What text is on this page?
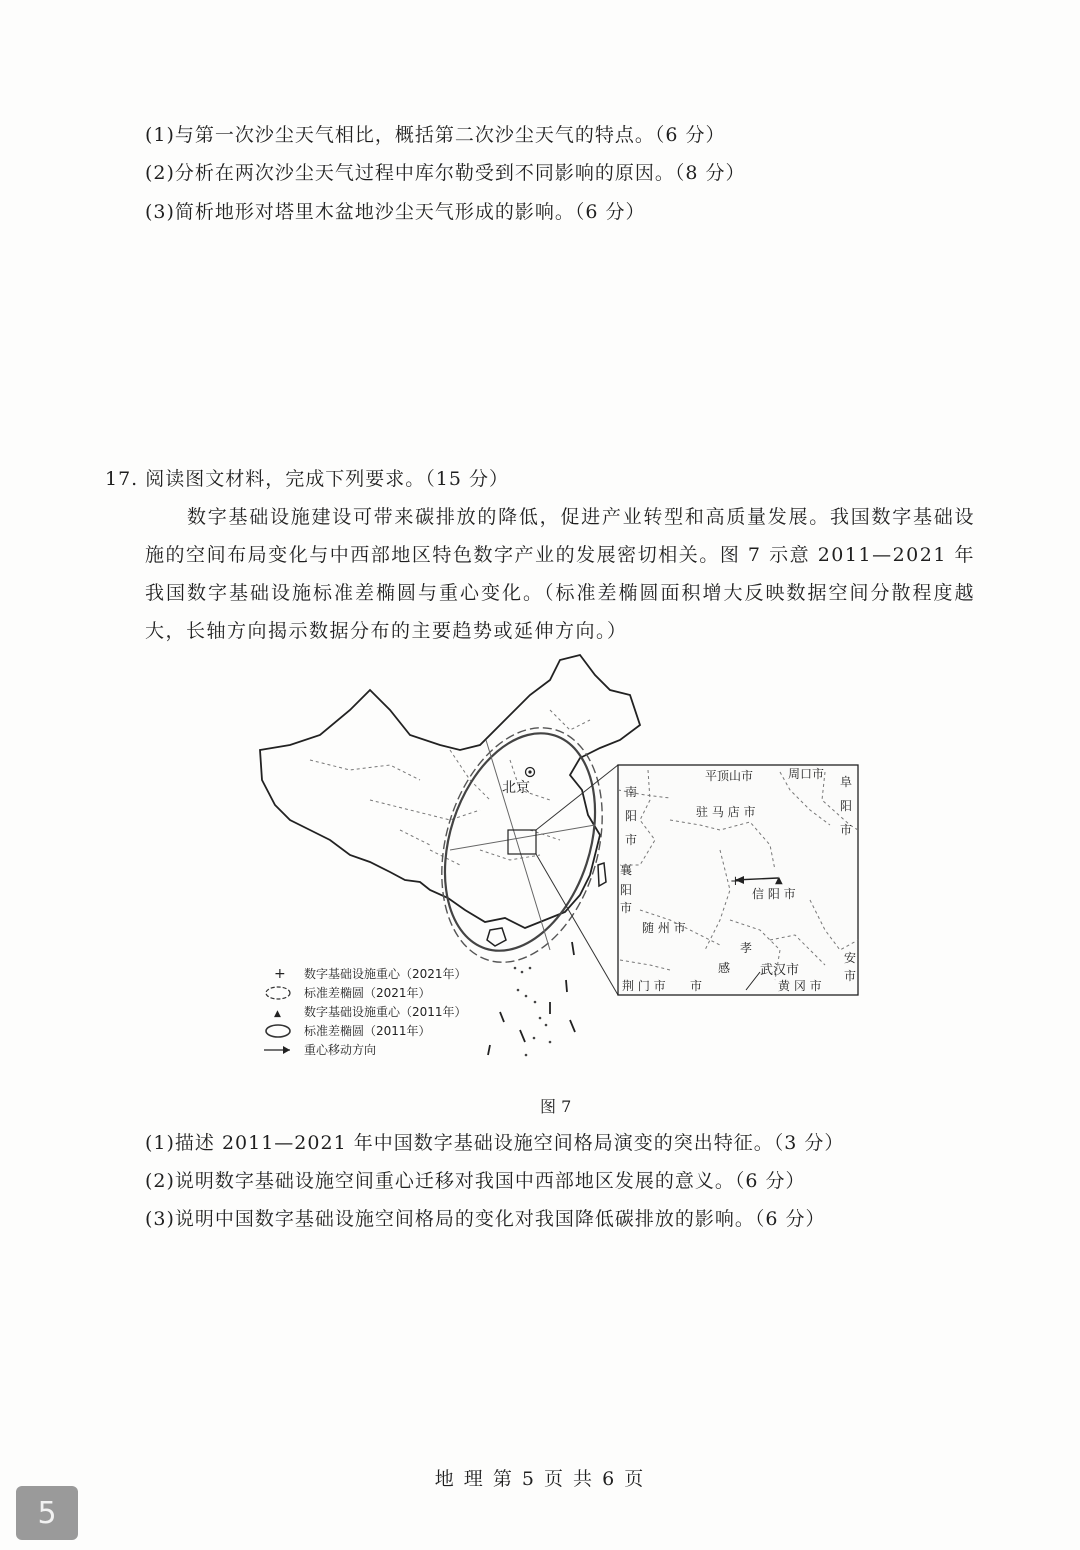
(1)与第一次沙尘天气相比，概括第二次沙尘天气的特点。（6 分）
(2)分析在两次沙尘天气过程中库尔勒受到不同影响的原因。（8 分）
(3)简析地形对塔里木盆地沙尘天气形成的影响。（6 分）
17. 阅读图文材料，完成下列要求。（15 分）
数字基础设施建设可带来碳排放的降低，促进产业转型和高质量发展。我国数字基础设施的空间布局变化与中西部地区特色数字产业的发展密切相关。图 7 示意 2011—2021 年我国数字基础设施标准差椭圆与重心变化。（标准差椭圆面积增大反映数据空间分散程度越大，长轴方向揭示数据分布的主要趋势或延伸方向。）
北京
▲
+
平顶山市	周口市
阜
阳
市
南
阳
市
驻 马 店 市
襄
阳
市
信 阳 市
随 州 市
孝
感
市
武汉市
荆 门 市	黄 冈 市
安
市
+ 数字基础设施重心（2021年）
标准差椭圆（2021年）
▲ 数字基础设施重心（2011年）
标准差椭圆（2011年）
重心移动方向
图 7
(1)描述 2011—2021 年中国数字基础设施空间格局演变的突出特征。（3 分）
(2)说明数字基础设施空间重心迁移对我国中西部地区发展的意义。（6 分）
(3)说明中国数字基础设施空间格局的变化对我国降低碳排放的影响。（6 分）
地 理 第 5 页 共 6 页
5
